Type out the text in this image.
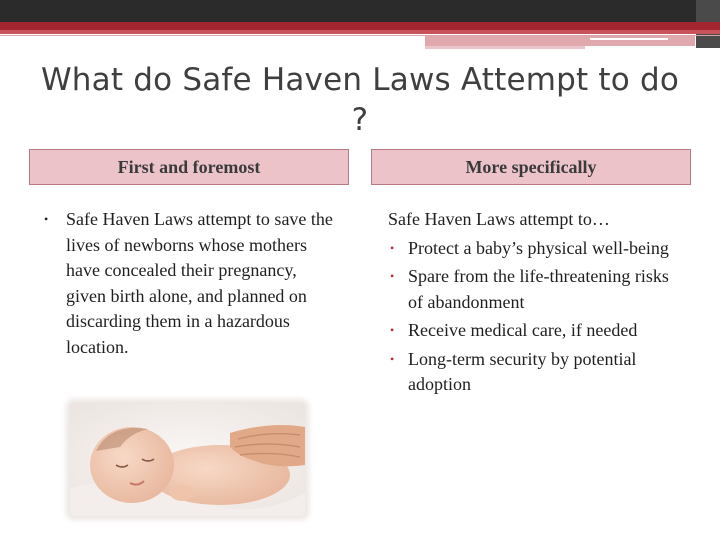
What do Safe Haven Laws Attempt to do ?
First and foremost	More specifically
• Safe Haven Laws attempt to save the lives of newborns whose mothers have concealed their pregnancy, given birth alone, and planned on discarding them in a hazardous location.

Safe Haven Laws attempt to…

• Protect a baby’s physical well-being
• Spare from the life-threatening risks of abandonment
• Receive medical care, if needed
• Long-term security by potential adoption
